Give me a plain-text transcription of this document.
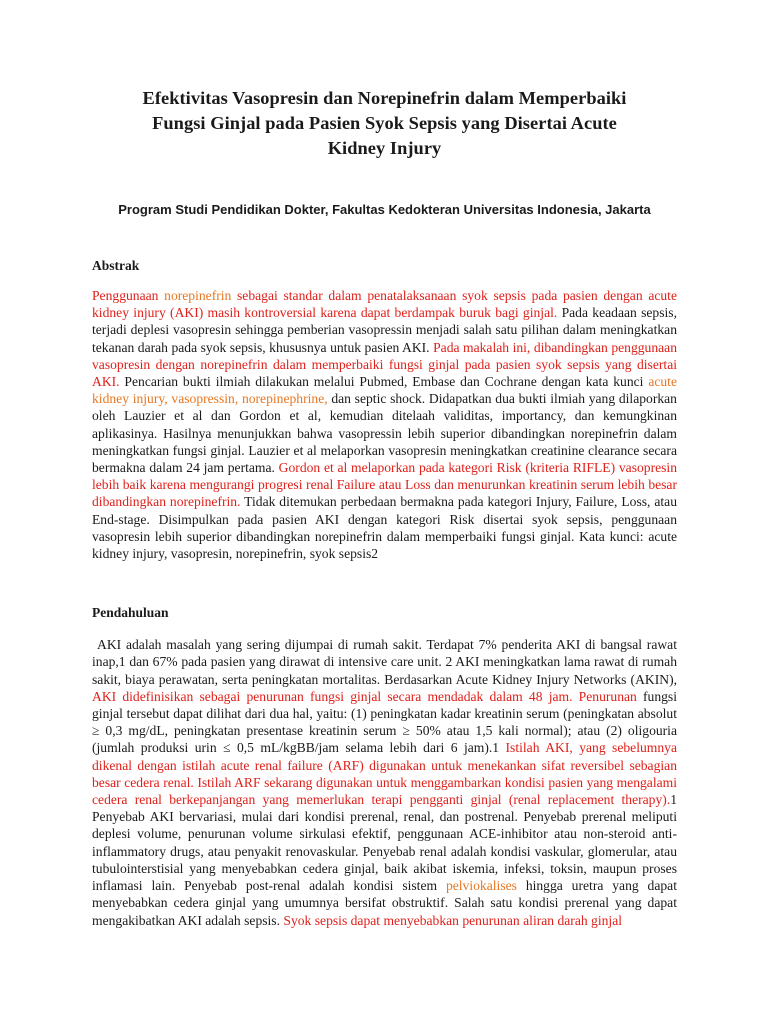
Efektivitas Vasopresin dan Norepinefrin dalam Memperbaiki
Fungsi Ginjal pada Pasien Syok Sepsis yang Disertai Acute
Kidney Injury

Program Studi Pendidikan Dokter, Fakultas Kedokteran Universitas Indonesia, Jakarta

Abstrak

Penggunaan norepinefrin sebagai standar dalam penatalaksanaan syok sepsis pada pasien dengan acute kidney injury (AKI) masih kontroversial karena dapat berdampak buruk bagi ginjal. Pada keadaan sepsis, terjadi deplesi vasopresin sehingga pemberian vasopressin menjadi salah satu pilihan dalam meningkatkan tekanan darah pada syok sepsis, khususnya untuk pasien AKI. Pada makalah ini, dibandingkan penggunaan vasopresin dengan norepinefrin dalam memperbaiki fungsi ginjal pada pasien syok sepsis yang disertai AKI. Pencarian bukti ilmiah dilakukan melalui Pubmed, Embase dan Cochrane dengan kata kunci acute kidney injury, vasopressin, norepinephrine, dan septic shock. Didapatkan dua bukti ilmiah yang dilaporkan oleh Lauzier et al dan Gordon et al, kemudian ditelaah validitas, importancy, dan kemungkinan aplikasinya. Hasilnya menunjukkan bahwa vasopressin lebih superior dibandingkan norepinefrin dalam meningkatkan fungsi ginjal. Lauzier et al melaporkan vasopresin meningkatkan creatinine clearance secara bermakna dalam 24 jam pertama. Gordon et al melaporkan pada kategori Risk (kriteria RIFLE) vasopresin lebih baik karena mengurangi progresi renal Failure atau Loss dan menurunkan kreatinin serum lebih besar dibandingkan norepinefrin. Tidak ditemukan perbedaan bermakna pada kategori Injury, Failure, Loss, atau End-stage. Disimpulkan pada pasien AKI dengan kategori Risk disertai syok sepsis, penggunaan vasopresin lebih superior dibandingkan norepinefrin dalam memperbaiki fungsi ginjal. Kata kunci: acute kidney injury, vasopresin, norepinefrin, syok sepsis2

Pendahuluan

AKI adalah masalah yang sering dijumpai di rumah sakit. Terdapat 7% penderita AKI di bangsal rawat inap,1 dan 67% pada pasien yang dirawat di intensive care unit. 2 AKI meningkatkan lama rawat di rumah sakit, biaya perawatan, serta peningkatan mortalitas. Berdasarkan Acute Kidney Injury Networks (AKIN), AKI didefinisikan sebagai penurunan fungsi ginjal secara mendadak dalam 48 jam. Penurunan fungsi ginjal tersebut dapat dilihat dari dua hal, yaitu: (1) peningkatan kadar kreatinin serum (peningkatan absolut ≥ 0,3 mg/dL, peningkatan presentase kreatinin serum ≥ 50% atau 1,5 kali normal); atau (2) oligouria (jumlah produksi urin ≤ 0,5 mL/kgBB/jam selama lebih dari 6 jam).1 Istilah AKI, yang sebelumnya dikenal dengan istilah acute renal failure (ARF) digunakan untuk menekankan sifat reversibel sebagian besar cedera renal. Istilah ARF sekarang digunakan untuk menggambarkan kondisi pasien yang mengalami cedera renal berkepanjangan yang memerlukan terapi pengganti ginjal (renal replacement therapy).1 Penyebab AKI bervariasi, mulai dari kondisi prerenal, renal, dan postrenal. Penyebab prerenal meliputi deplesi volume, penurunan volume sirkulasi efektif, penggunaan ACE-inhibitor atau non-steroid anti-inflammatory drugs, atau penyakit renovaskular. Penyebab renal adalah kondisi vaskular, glomerular, atau tubulointerstisial yang menyebabkan cedera ginjal, baik akibat iskemia, infeksi, toksin, maupun proses inflamasi lain. Penyebab post-renal adalah kondisi sistem pelviokalises hingga uretra yang dapat menyebabkan cedera ginjal yang umumnya bersifat obstruktif. Salah satu kondisi prerenal yang dapat mengakibatkan AKI adalah sepsis. Syok sepsis dapat menyebabkan penurunan aliran darah ginjal
